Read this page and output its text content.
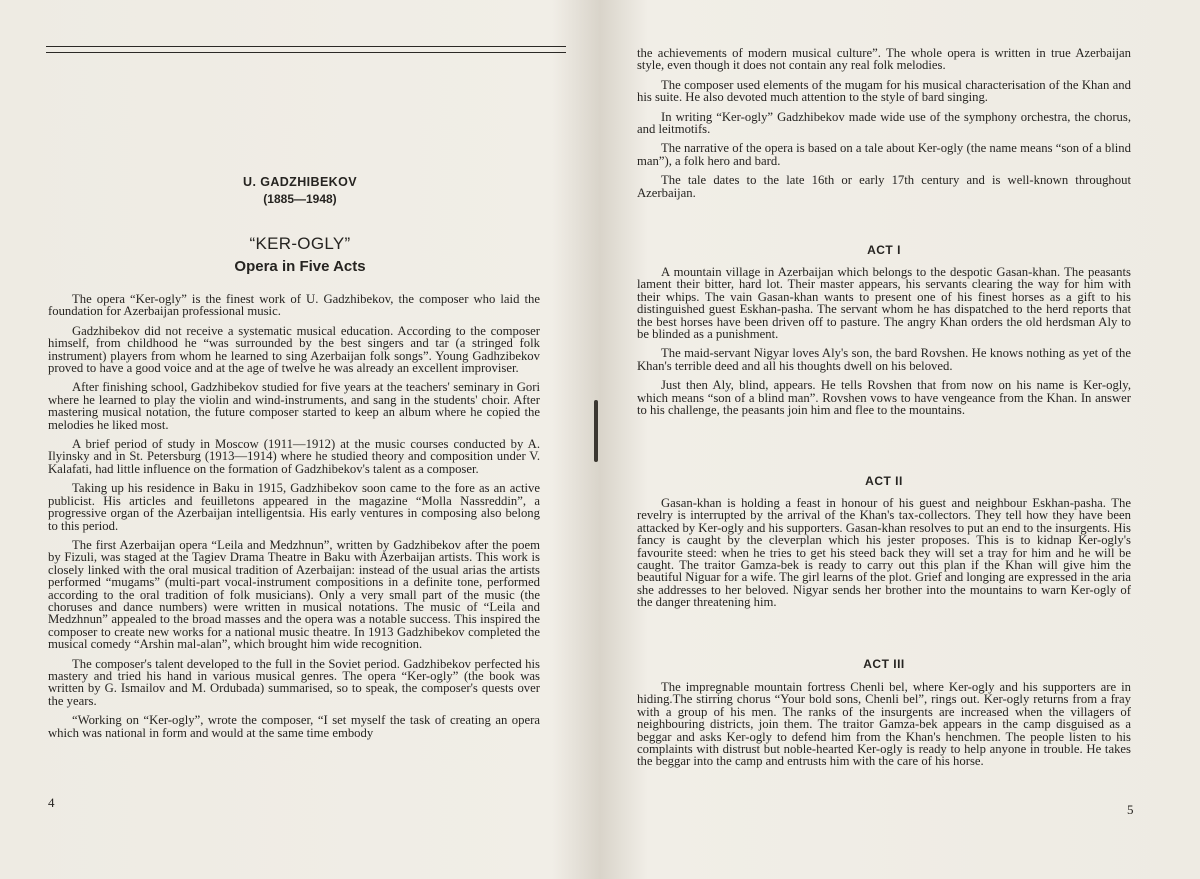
U. GADZHIBEKOV
(1885—1948)
“KER-OGLY”
Opera in Five Acts

The opera “Ker-ogly” is the finest work of U. Gadzhibekov, the composer who laid the foundation for Azerbaijan professional music.

Gadzhibekov did not receive a systematic musical education. According to the composer himself, from childhood he “was surrounded by the best singers and tar (a stringed folk instrument) players from whom he learned to sing Azerbaijan folk songs”. Young Gadhzibekov proved to have a good voice and at the age of twelve he was already an excellent improviser.

After finishing school, Gadzhibekov studied for five years at the teachers' seminary in Gori where he learned to play the violin and wind-instruments, and sang in the students' choir. After mastering musical notation, the future composer started to keep an album where he copied the melodies he liked most.

A brief period of study in Moscow (1911—1912) at the music courses conducted by A. Ilyinsky and in St. Petersburg (1913—1914) where he studied theory and composition under V. Kalafati, had little influence on the formation of Gadzhibekov's talent as a composer.

Taking up his residence in Baku in 1915, Gadzhibekov soon came to the fore as an active publicist. His articles and feuilletons appeared in the magazine “Molla Nassreddin”, a progressive organ of the Azerbaijan intelligentsia. His early ventures in composing also belong to this period.

The first Azerbaijan opera “Leila and Medzhnun”, written by Gadzhibekov after the poem by Fizuli, was staged at the Tagiev Drama Theatre in Baku with Azerbaijan artists. This work is closely linked with the oral musical tradition of Azerbaijan: instead of the usual arias the artists performed “mugams” (multi-part vocal-instrument compositions in a definite tone, performed according to the oral tradition of folk musicians). Only a very small part of the music (the choruses and dance numbers) were written in musical notations. The music of “Leila and Medzhnun” appealed to the broad masses and the opera was a notable success. This inspired the composer to create new works for a national music theatre. In 1913 Gadzhibekov completed the musical comedy “Arshin mal-alan”, which brought him wide recognition.

The composer's talent developed to the full in the Soviet period. Gadzhibekov perfected his mastery and tried his hand in various musical genres. The opera “Ker-ogly” (the book was written by G. Ismailov and M. Ordubada) summarised, so to speak, the composer's quests over the years.

“Working on “Ker-ogly”, wrote the composer, “I set myself the task of creating an opera which was national in form and would at the same time embody

4

the achievements of modern musical culture”. The whole opera is written in true Azerbaijan style, even though it does not contain any real folk melodies.

The composer used elements of the mugam for his musical characterisation of the Khan and his suite. He also devoted much attention to the style of bard singing.

In writing “Ker-ogly” Gadzhibekov made wide use of the symphony orchestra, the chorus, and leitmotifs.

The narrative of the opera is based on a tale about Ker-ogly (the name means “son of a blind man”), a folk hero and bard.

The tale dates to the late 16th or early 17th century and is well-known throughout Azerbaijan.

ACT I

A mountain village in Azerbaijan which belongs to the despotic Gasan-khan. The peasants lament their bitter, hard lot. Their master appears, his servants clearing the way for him with their whips. The vain Gasan-khan wants to present one of his finest horses as a gift to his distinguished guest Eskhan-pasha. The servant whom he has dispatched to the herd reports that the best horses have been driven off to pasture. The angry Khan orders the old herdsman Aly to be blinded as a punishment.

The maid-servant Nigyar loves Aly's son, the bard Rovshen. He knows nothing as yet of the Khan's terrible deed and all his thoughts dwell on his beloved.

Just then Aly, blind, appears. He tells Rovshen that from now on his name is Ker-ogly, which means “son of a blind man”. Rovshen vows to have vengeance from the Khan. In answer to his challenge, the peasants join him and flee to the mountains.

ACT II

Gasan-khan is holding a feast in honour of his guest and neighbour Eskhan-pasha. The revelry is interrupted by the arrival of the Khan's tax-collectors. They tell how they have been attacked by Ker-ogly and his supporters. Gasan-khan resolves to put an end to the insurgents. His fancy is caught by the cleverplan which his jester proposes. This is to kidnap Ker-ogly's favourite steed: when he tries to get his steed back they will set a tray for him and he will be caught. The traitor Gamza-bek is ready to carry out this plan if the Khan will give him the beautiful Niguar for a wife. The girl learns of the plot. Grief and longing are expressed in the aria she addresses to her beloved. Nigyar sends her brother into the mountains to warn Ker-ogly of the danger threatening him.

ACT III

The impregnable mountain fortress Chenli bel, where Ker-ogly and his supporters are in hiding.The stirring chorus “Your bold sons, Chenli bel”, rings out. Ker-ogly returns from a fray with a group of his men. The ranks of the insurgents are increased when the villagers of neighbouring districts, join them. The traitor Gamza-bek appears in the camp disguised as a beggar and asks Ker-ogly to defend him from the Khan's henchmen. The people listen to his complaints with distrust but noble-hearted Ker-ogly is ready to help anyone in trouble. He takes the beggar into the camp and entrusts him with the care of his horse.

5
